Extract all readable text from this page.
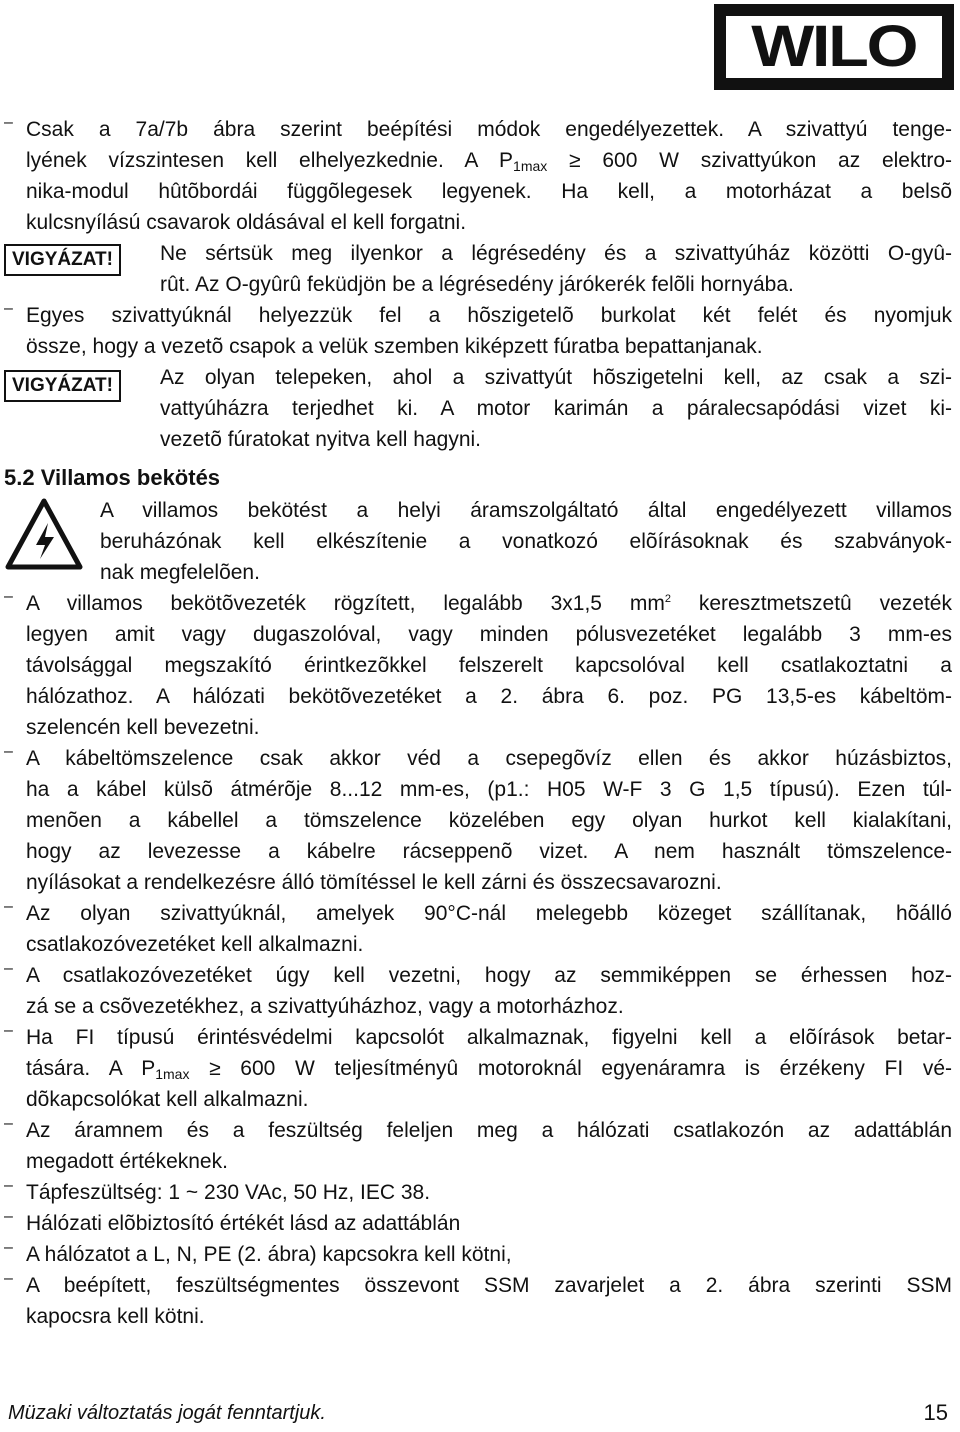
WILO
– Csak a 7a/7b ábra szerint beépítési módok engedélyezettek. A szivattyú tenge-
lyének vízszintesen kell elhelyezkednie. A $P_{1max} \ge 600$ W szivattyúkon az elektro-
nika-modul hûtõbordái függõlegesek legyenek. Ha kell, a motorházat a belsõ
kulcsnyílású csavarok oldásával el kell forgatni.
VIGYÁZAT!	Ne sértsük meg ilyenkor a légrésedény és a szivattyúház közötti O-gyû-
rût. Az O-gyûrû feküdjön be a légrésedény járókerék felõli hornyába.
– Egyes szivattyúknál helyezzük fel a hõszigetelõ burkolat két felét és nyomjuk
össze, hogy a vezetõ csapok a velük szemben kiképzett fúratba bepattanjanak.
VIGYÁZAT!	Az olyan telepeken, ahol a szivattyút hõszigetelni kell, az csak a szi-
vattyúházra terjedhet ki. A motor karimán a páralecsapódási vizet ki-
vezetõ fúratokat nyitva kell hagyni.
5.2 Villamos bekötés
A villamos bekötést a helyi áramszolgáltató által engedélyezett villamos
beruházónak kell elkészítenie a vonatkozó elõírásoknak és szabványok-
nak megfelelõen.
– A villamos bekötõvezeték rögzített, legalább 3x1,5 $mm^2$ keresztmetszetû vezeték
legyen amit vagy dugaszolóval, vagy minden pólusvezetéket legalább 3 mm-es
távolsággal megszakító érintkezõkkel felszerelt kapcsolóval kell csatlakoztatni a
hálózathoz. A hálózati bekötõvezetéket a 2. ábra 6. poz. PG 13,5-es kábeltöm-
szelencén kell bevezetni.
– A kábeltömszelence csak akkor véd a csepegõvíz ellen és akkor húzásbiztos,
ha a kábel külsõ átmérõje 8...12 mm-es, (p1.: H05 W-F 3 G 1,5 típusú). Ezen túl-
menõen a kábellel a tömszelence közelében egy olyan hurkot kell kialakítani,
hogy az levezesse a kábelre rácseppenõ vizet. A nem használt tömszelence-
nyílásokat a rendelkezésre álló tömítéssel le kell zárni és összecsavarozni.
– Az olyan szivattyúknál, amelyek 90°C-nál melegebb közeget szállítanak, hõálló
csatlakozóvezetéket kell alkalmazni.
– A csatlakozóvezetéket úgy kell vezetni, hogy az semmiképpen se érhessen hoz-
zá se a csõvezetékhez, a szivattyúházhoz, vagy a motorházhoz.
– Ha FI típusú érintésvédelmi kapcsolót alkalmaznak, figyelni kell a elõírások betar-
tására. A $P_{1max} \ge 600$ W teljesítményû motoroknál egyenáramra is érzékeny FI vé-
dõkapcsolókat kell alkalmazni.
– Az áramnem és a feszültség feleljen meg a hálózati csatlakozón az adattáblán
megadott értékeknek.
– Tápfeszültség: 1 ~ 230 VAc, 50 Hz, IEC 38.
– Hálózati elõbiztosító értékét lásd az adattáblán
– A hálózatot a L, N, PE (2. ábra) kapcsokra kell kötni,
– A beépített, feszültségmentes összevont SSM zavarjelet a 2. ábra szerinti SSM
kapocsra kell kötni.
Müzaki változtatás jogát fenntartjuk.	15
